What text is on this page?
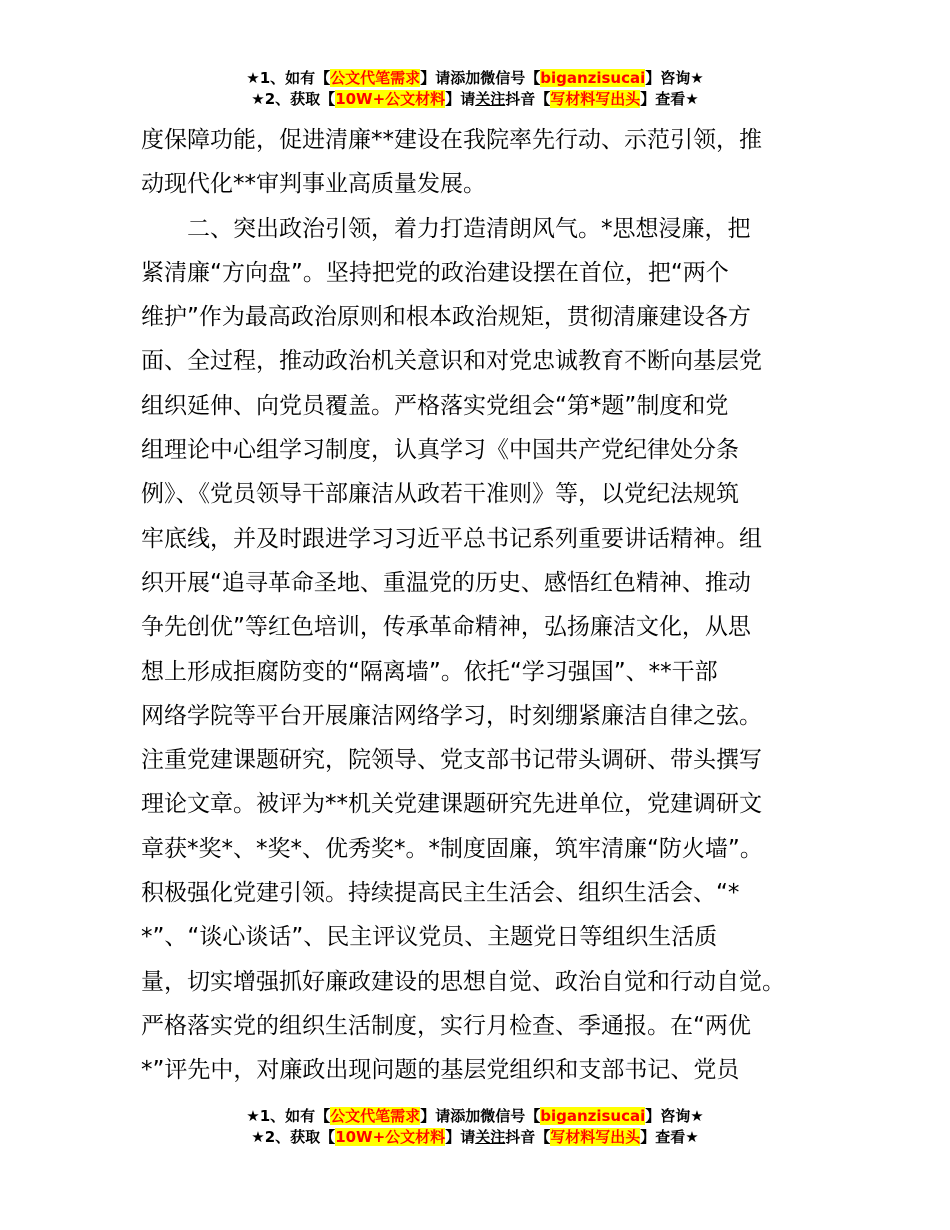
★1、如有【公文代笔需求】请添加微信号【biganzisucai】咨询★
★2、获取【10W+公文材料】请关注抖音【写材料写出头】查看★

度保障功能，促进清廉**建设在我院率先行动、示范引领，推

动现代化**审判事业高质量发展。

二、突出政治引领，着力打造清朗风气。*思想浸廉，把

紧清廉“方向盘”。坚持把党的政治建设摆在首位，把“两个

维护”作为最高政治原则和根本政治规矩，贯彻清廉建设各方

面、全过程，推动政治机关意识和对党忠诚教育不断向基层党

组织延伸、向党员覆盖。严格落实党组会“第*题”制度和党

组理论中心组学习制度，认真学习《中国共产党纪律处分条

例》、《党员领导干部廉洁从政若干准则》等，以党纪法规筑

牢底线，并及时跟进学习习近平总书记系列重要讲话精神。组

织开展“追寻革命圣地、重温党的历史、感悟红色精神、推动

争先创优”等红色培训，传承革命精神，弘扬廉洁文化，从思

想上形成拒腐防变的“隔离墙”。依托“学习强国”、**干部

网络学院等平台开展廉洁网络学习，时刻绷紧廉洁自律之弦。

注重党建课题研究，院领导、党支部书记带头调研、带头撰写

理论文章。被评为**机关党建课题研究先进单位，党建调研文

章获*奖*、*奖*、优秀奖*。*制度固廉，筑牢清廉“防火墙”。

积极强化党建引领。持续提高民主生活会、组织生活会、“*

*”、“谈心谈话”、民主评议党员、主题党日等组织生活质

量，切实增强抓好廉政建设的思想自觉、政治自觉和行动自觉。

严格落实党的组织生活制度，实行月检查、季通报。在“两优

*”评先中，对廉政出现问题的基层党组织和支部书记、党员

★1、如有【公文代笔需求】请添加微信号【biganzisucai】咨询★
★2、获取【10W+公文材料】请关注抖音【写材料写出头】查看★
